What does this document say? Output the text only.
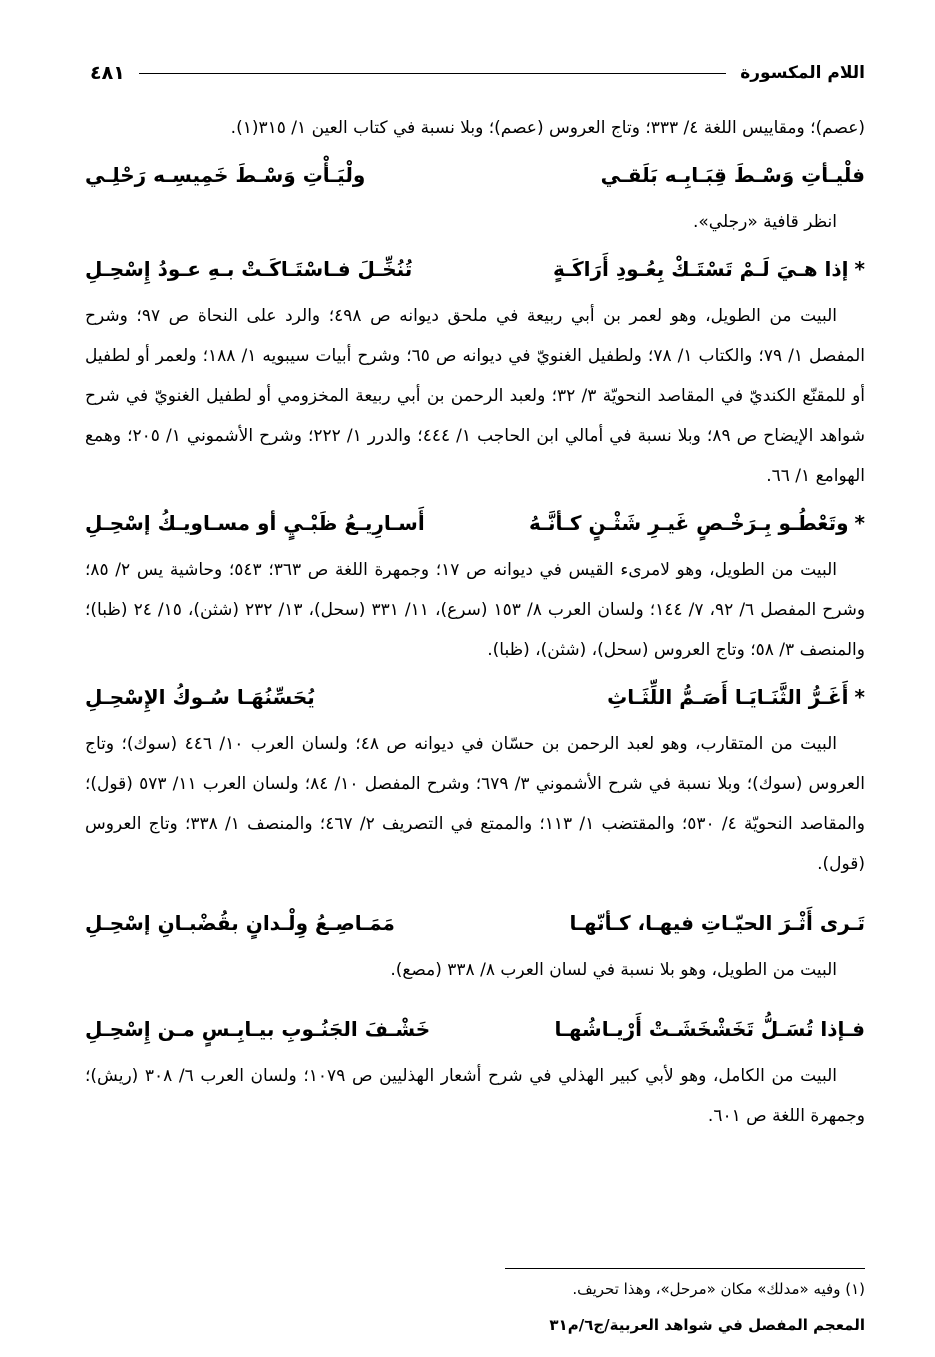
اللام المكسورة
٤٨١

(عصم)؛ ومقاييس اللغة ٤/ ٣٣٣؛ وتاج العروس (عصم)؛ وبلا نسبة في كتاب العين ١/ ٣١٥(١).

فلْيـأتِ وَسْـطَ قِبَـابِـه بَلَقـي
ولْيَـأْتِ وَسْـطَ خَمِيسِـه رَحْلِـي

انظر قافية «رجلي».

*
إذا هـيَ لَـمْ تَسْتَـكْ بِعُـودِ أَرَاكَـةٍ
تُنُخِّـلَ فـاسْتَـاكَـتْ بـهِ عـودُ إِسْحِـلِ

البيت من الطويل، وهو لعمر بن أبي ربيعة في ملحق ديوانه ص ٤٩٨؛ والرد على النحاة ص ٩٧؛ وشرح المفصل ١/ ٧٩؛ والكتاب ١/ ٧٨؛ ولطفيل الغنويّ في ديوانه ص ٦٥؛ وشرح أبيات سيبويه ١/ ١٨٨؛ ولعمر أو لطفيل أو للمقنّع الكنديّ في المقاصد النحويّة ٣/ ٣٢؛ ولعبد الرحمن بن أبي ربيعة المخزومي أو لطفيل الغنويّ في شرح شواهد الإيضاح ص ٨٩؛ وبلا نسبة في أمالي ابن الحاجب ١/ ٤٤٤؛ والدرر ١/ ٢٢٢؛ وشرح الأشموني ١/ ٢٠٥؛ وهمع الهوامع ١/ ٦٦.

*
وتَعْطُـو بِـرَخْـصٍ غَيـرِ شَثْـنٍ كـأنَّـهُ
أَسـارِيـعُ ظَبْـيٍ أو مسـاويـكُ إسْحِـلِ

البيت من الطويل، وهو لامرىء القيس في ديوانه ص ١٧؛ وجمهرة اللغة ص ٣٦٣؛ ٥٤٣؛ وحاشية يس ٢/ ٨٥؛ وشرح المفصل ٦/ ٩٢، ٧/ ١٤٤؛ ولسان العرب ٨/ ١٥٣ (سرع)، ١١/ ٣٣١ (سحل)، ١٣/ ٢٣٢ (شثن)، ١٥/ ٢٤ (ظبا)؛ والمنصف ٣/ ٥٨؛ وتاج العروس (سحل)، (شثن)، (ظبا).

*
أَغَـرُّ الثَّنَـايَـا أَصَـمُّ اللِّثَـاثِ
يُحَسِّنُهَـا سُـوكُ الإِسْحِـلِ

البيت من المتقارب، وهو لعبد الرحمن بن حسّان في ديوانه ص ٤٨؛ ولسان العرب ١٠/ ٤٤٦ (سوك)؛ وتاج العروس (سوك)؛ وبلا نسبة في شرح الأشموني ٣/ ٦٧٩؛ وشرح المفصل ١٠/ ٨٤؛ ولسان العرب ١١/ ٥٧٣ (قول)؛ والمقاصد النحويّة ٤/ ٥٣٠؛ والمقتضب ١/ ١١٣؛ والممتع في التصريف ٢/ ٤٦٧؛ والمنصف ١/ ٣٣٨؛ وتاج العروس (قول).

تَـرى أَثْـرَ الحيّـاتِ فيهـا، كـأنّهـا
مَمَـاصِـعُ وِلْـدانٍ بقُضْبـانِ إسْحِـلِ

البيت من الطويل، وهو بلا نسبة في لسان العرب ٨/ ٣٣٨ (مصع).

فـإذا تُسَـلُّ تَخَشْخَشَـتْ أَرْيـاشُهـا
خَشْـفَ الجَنُـوبِ بيـابِـسٍ مـن إِسْحِـلِ

البيت من الكامل، وهو لأبي كبير الهذلي في شرح أشعار الهذليين ص ١٠٧٩؛ ولسان العرب ٦/ ٣٠٨ (ريش)؛ وجمهرة اللغة ص ٦٠١.

(١) وفيه «مدلك» مكان «مرحل»، وهذا تحريف.
المعجم المفصل في شواهد العربية/ج٦/م٣١
